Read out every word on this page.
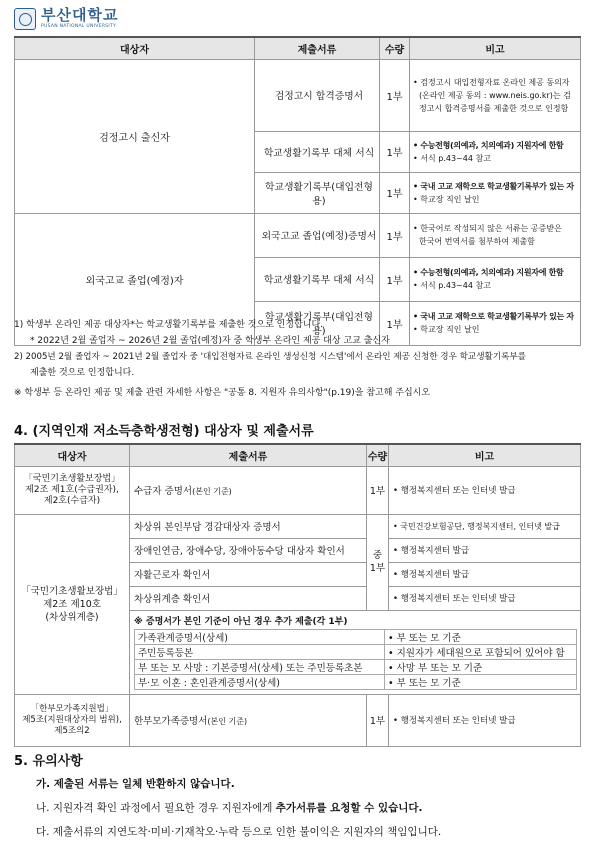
부산대학교
PUSAN NATIONAL UNIVERSITY
대상자	제출서류	수량	비고
검정고시 출신자	검정고시 합격증명서	1부	• 검정고시 대입전형자료 온라인 제공 동의자
(온라인 제공 동의 : www.neis.go.kr)는 검
정고시 합격증명서를 제출한 것으로 인정함

	학교생활기록부 대체 서식	1부	• 수능전형(의예과, 치의예과) 지원자에 한함
• 서식 p.43~44 참고

	학교생활기록부(대입전형용)	1부	• 국내 고교 재학으로 학교생활기록부가 있는 자
• 학교장 직인 날인

외국고교 졸업(예정)자	외국고교 졸업(예정)증명서	1부	• 한국어로 작성되지 않은 서류는 공증받은
한국어 번역서를 첨부하여 제출함

	학교생활기록부 대체 서식	1부	• 수능전형(의예과, 치의예과) 지원자에 한함
• 서식 p.43~44 참고

	학교생활기록부(대입전형용)	1부	• 국내 고교 재학으로 학교생활기록부가 있는 자
• 학교장 직인 날인
1) 학생부 온라인 제공 대상자*는 학교생활기록부를 제출한 것으로 인정합니다.
* 2022년 2월 졸업자 ~ 2026년 2월 졸업(예정)자 중 학생부 온라인 제공 대상 고교 출신자
2) 2005년 2월 졸업자 ~ 2021년 2월 졸업자 중 '대입전형자료 온라인 생성신청 시스템'에서 온라인 제공 신청한 경우 학교생활기록부를
제출한 것으로 인정합니다.
※ 학생부 등 온라인 제공 및 제출 관련 자세한 사항은 "공통 8. 지원자 유의사항"(p.19)을 참고해 주십시오
4. (지역인재 저소득층학생전형) 대상자 및 제출서류
대상자	제출서류	수량	비고

「국민기초생활보장법」
제2조 제1호(수급권자),
제2호(수급자)
	수급자 증명서(본인 기준)	1부	• 행정복지센터 또는 인터넷 발급

「국민기초생활보장법」
제2조 제10호
(차상위계층)
	차상위 본인부담 경감대상자 증명서	
중
1부
	• 국민건강보험공단, 행정복지센터, 인터넷 발급
장애인연금, 장애수당, 장애아동수당 대상자 확인서	• 행정복지센터 발급
자활근로자 확인서	• 행정복지센터 발급
차상위계층 확인서	• 행정복지센터 또는 인터넷 발급

※ 증명서가 본인 기준이 아닌 경우 추가 제출(각 1부)
가족관계증명서(상세)	• 부 또는 모 기준
주민등록등본	• 지원자가 세대원으로 포함되어 있어야 함
부 또는 모 사망 : 기본증명서(상세) 또는 주민등록초본	• 사망 부 또는 모 기준
부·모 이혼 : 혼인관계증명서(상세)	• 부 또는 모 기준

「한부모가족지원법」
제5조(지원대상자의 범위),
제5조의2
	한부모가족증명서(본인 기준)	1부	• 행정복지센터 또는 인터넷 발급
5. 유의사항
가. 제출된 서류는 일체 반환하지 않습니다.
나. 지원자격 확인 과정에서 필요한 경우 지원자에게 추가서류를 요청할 수 있습니다.
다. 제출서류의 지연도착·미비·기재착오·누락 등으로 인한 불이익은 지원자의 책임입니다.
